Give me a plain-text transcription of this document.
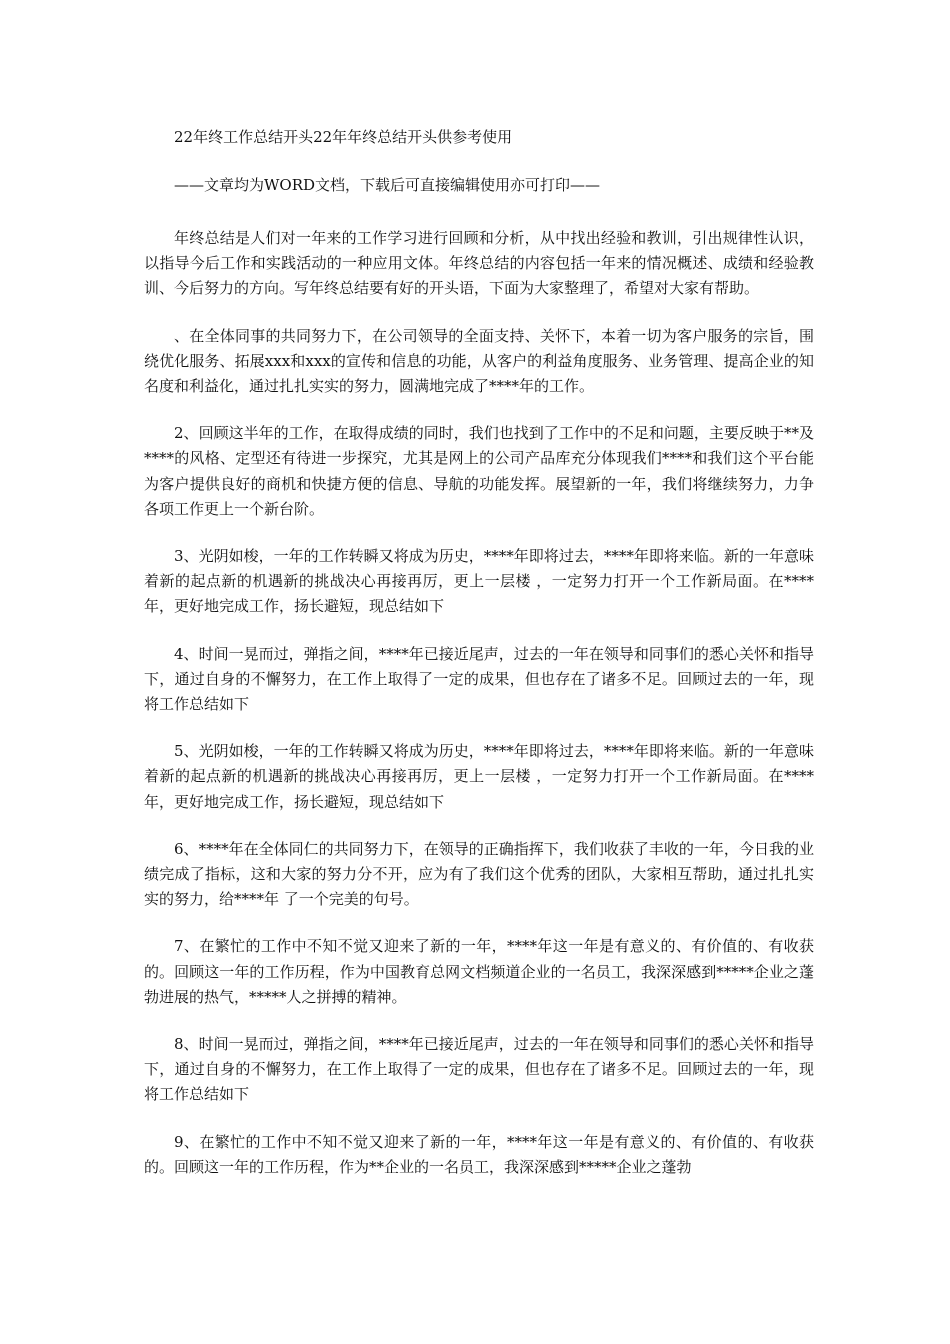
22年终工作总结开头22年年终总结开头供参考使用

——文章均为WORD文档，下载后可直接编辑使用亦可打印——

年终总结是人们对一年来的工作学习进行回顾和分析，从中找出经验和教训，引出规律性认识，以指导今后工作和实践活动的一种应用文体。年终总结的内容包括一年来的情况概述、成绩和经验教训、今后努力的方向。写年终总结要有好的开头语，下面为大家整理了，希望对大家有帮助。

、在全体同事的共同努力下，在公司领导的全面支持、关怀下，本着一切为客户服务的宗旨，围绕优化服务、拓展xxx和xxx的宣传和信息的功能，从客户的利益角度服务、业务管理、提高企业的知名度和利益化，通过扎扎实实的努力，圆满地完成了****年的工作。

2、回顾这半年的工作，在取得成绩的同时，我们也找到了工作中的不足和问题，主要反映于**及****的风格、定型还有待进一步探究，尤其是网上的公司产品库充分体现我们****和我们这个平台能为客户提供良好的商机和快捷方便的信息、导航的功能发挥。展望新的一年，我们将继续努力，力争各项工作更上一个新台阶。

3、光阴如梭，一年的工作转瞬又将成为历史，****年即将过去，****年即将来临。新的一年意味着新的起点新的机遇新的挑战决心再接再厉，更上一层楼 ，一定努力打开一个工作新局面。在****年，更好地完成工作，扬长避短，现总结如下

4、时间一晃而过，弹指之间，****年已接近尾声，过去的一年在领导和同事们的悉心关怀和指导下，通过自身的不懈努力，在工作上取得了一定的成果，但也存在了诸多不足。回顾过去的一年，现将工作总结如下

5、光阴如梭，一年的工作转瞬又将成为历史，****年即将过去，****年即将来临。新的一年意味着新的起点新的机遇新的挑战决心再接再厉，更上一层楼 ，一定努力打开一个工作新局面。在****年，更好地完成工作，扬长避短，现总结如下

6、****年在全体同仁的共同努力下，在领导的正确指挥下，我们收获了丰收的一年，今日我的业绩完成了指标，这和大家的努力分不开，应为有了我们这个优秀的团队，大家相互帮助，通过扎扎实实的努力，给****年 了一个完美的句号。

7、在繁忙的工作中不知不觉又迎来了新的一年，****年这一年是有意义的、有价值的、有收获的。回顾这一年的工作历程，作为中国教育总网文档频道企业的一名员工，我深深感到*****企业之蓬勃进展的热气，*****人之拼搏的精神。

8、时间一晃而过，弹指之间，****年已接近尾声，过去的一年在领导和同事们的悉心关怀和指导下，通过自身的不懈努力，在工作上取得了一定的成果，但也存在了诸多不足。回顾过去的一年，现将工作总结如下

9、在繁忙的工作中不知不觉又迎来了新的一年，****年这一年是有意义的、有价值的、有收获的。回顾这一年的工作历程，作为**企业的一名员工，我深深感到*****企业之蓬勃
